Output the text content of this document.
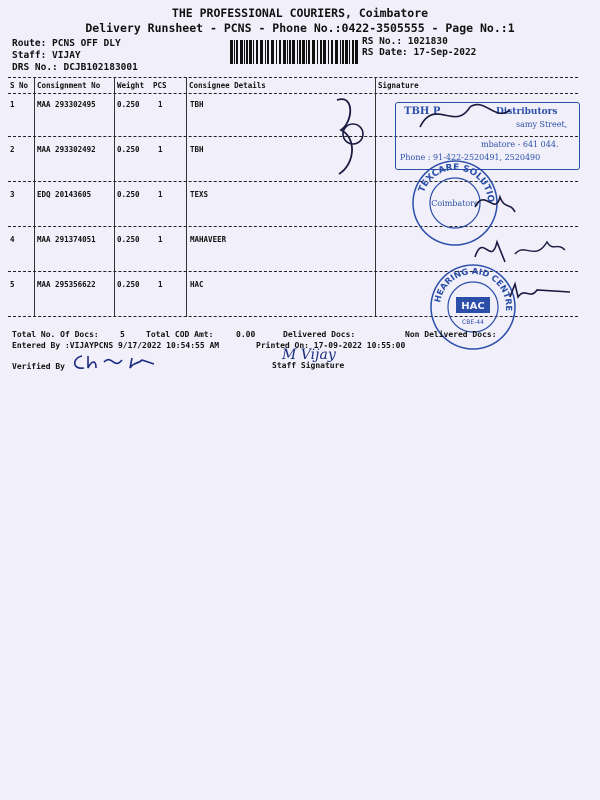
THE PROFESSIONAL COURIERS, Coimbatore
Delivery Runsheet - PCNS - Phone No.:0422-3505555 - Page No.:1
Route: PCNS OFF DLY
Staff: VIJAY
DRS No.: DCJB102183001
RS No.: 1021830
RS Date: 17-Sep-2022
S No Consignment No Weight PCS	Consignee Details	Signature
1	MAA 293302495	0.250 1	TBH
2	MAA 293302492	0.250 1	TBH
3	EDQ 20143605	0.250 1	TEXS
4	MAA 291374051	0.250 1	MAHAVEER
5	MAA 295356622	0.250 1	HAC
TBH P	Distributors
samy Street,
mbatore - 641 044.
Phone : 91-422-2520491, 2520490
TEXCARE SOLUTIO
Coimbatore
HEARING AID CENTRE
HAC
CBE-44
Total No. Of Docs:	5	Total COD Amt:	0.00	Delivered Docs:	Non Delivered Docs:
Entered By :VIJAYPCNS 9/17/2022 10:54:55 AM	Printed On: 17-09-2022 10:55:00
Verified By	Staff Signature
M Vijay
